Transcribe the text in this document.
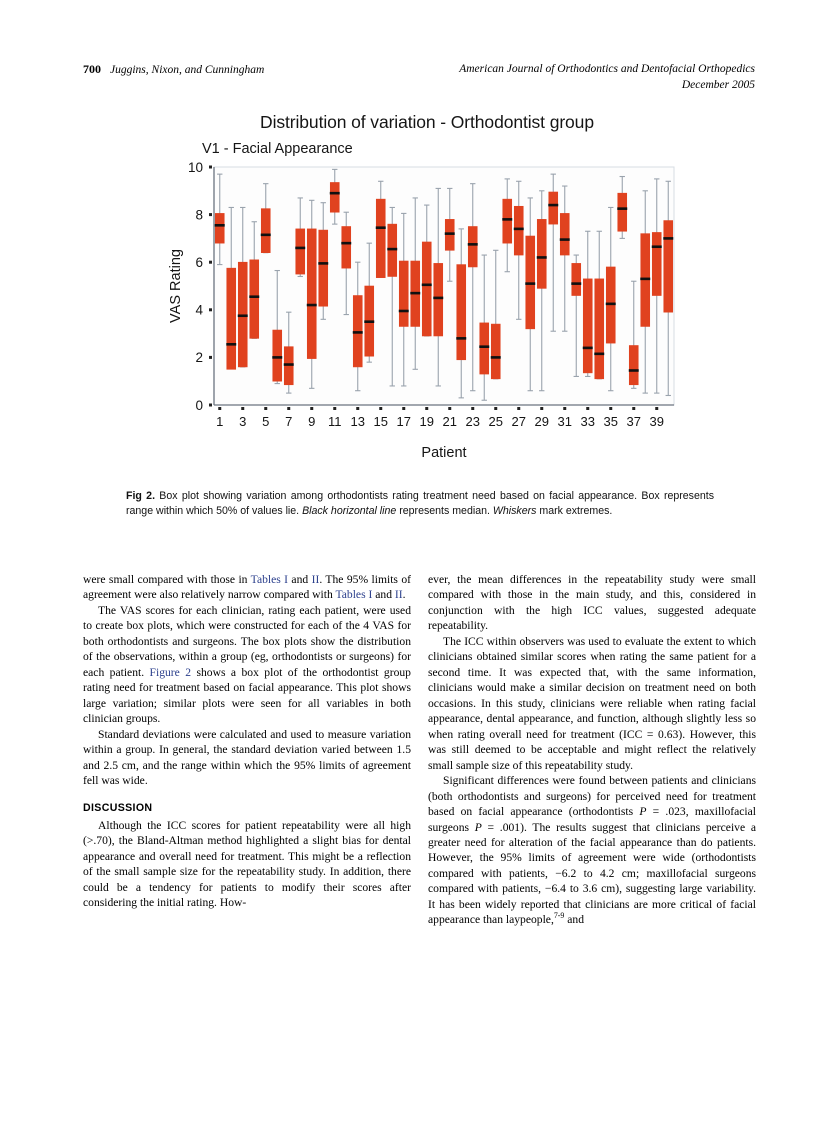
700 Juggins, Nixon, and Cunningham	American Journal of Orthodontics and Dentofacial Orthopedics
December 2005
Distribution of variation - Orthodontist group
V1 - Facial Appearance
0
2
4
6
8
10
VAS Rating
1 3 5 7 9 11 13 15 17 19 21 23 25 27 29 31 33 35 37 39
Patient
Fig 2. Box plot showing variation among orthodontists rating treatment need based on facial appearance. Box represents range within which 50% of values lie. Black horizontal line represents median. Whiskers mark extremes.

were small compared with those in Tables I and II. The 95% limits of agreement were also relatively narrow compared with Tables I and II.

The VAS scores for each clinician, rating each patient, were used to create box plots, which were constructed for each of the 4 VAS for both orthodontists and surgeons. The box plots show the distribution of the observations, within a group (eg, orthodontists or surgeons) for each patient. Figure 2 shows a box plot of the orthodontist group rating need for treatment based on facial appearance. This plot shows large variation; similar plots were seen for all variables in both clinician groups.

Standard deviations were calculated and used to measure variation within a group. In general, the standard deviation varied between 1.5 and 2.5 cm, and the range within which the 95% limits of agreement fell was wide.

DISCUSSION

Although the ICC scores for patient repeatability were all high (>.70), the Bland-Altman method highlighted a slight bias for dental appearance and overall need for treatment. This might be a reflection of the small sample size for the repeatability study. In addition, there could be a tendency for patients to modify their scores after considering the initial rating. How-

ever, the mean differences in the repeatability study were small compared with those in the main study, and this, considered in conjunction with the high ICC values, suggested adequate repeatability.

The ICC within observers was used to evaluate the extent to which clinicians obtained similar scores when rating the same patient for a second time. It was expected that, with the same information, clinicians would make a similar decision on treatment need on both occasions. In this study, clinicians were reliable when rating facial appearance, dental appearance, and function, although slightly less so when rating overall need for treatment (ICC = 0.63). However, this was still deemed to be acceptable and might reflect the relatively small sample size of this repeatability study.

Significant differences were found between patients and clinicians (both orthodontists and surgeons) for perceived need for treatment based on facial appearance (orthodontists P = .023, maxillofacial surgeons P = .001). The results suggest that clinicians perceive a greater need for alteration of the facial appearance than do patients. However, the 95% limits of agreement were wide (orthodontists compared with patients, −6.2 to 4.2 cm; maxillofacial surgeons compared with patients, −6.4 to 3.6 cm), suggesting large variability. It has been widely reported that clinicians are more critical of facial appearance than laypeople,$^{7-9}$ and
